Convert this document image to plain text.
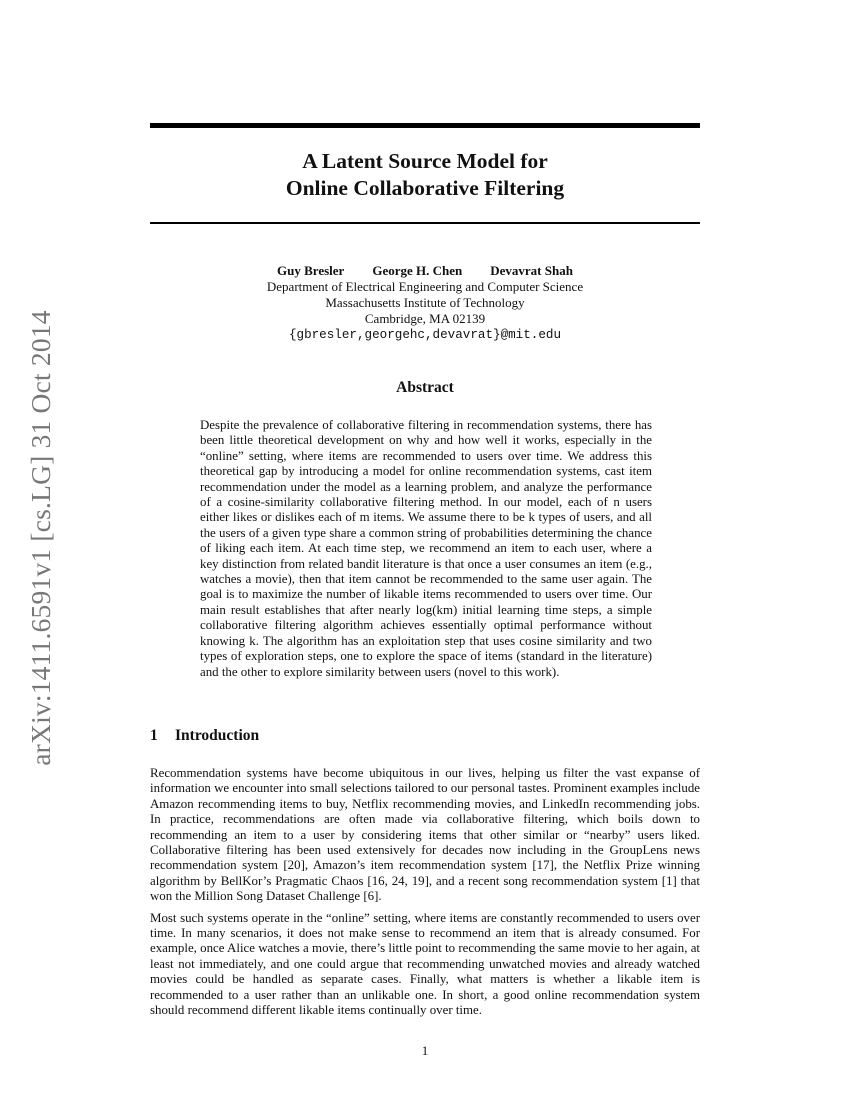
arXiv:1411.6591v1 [cs.LG] 31 Oct 2014
A Latent Source Model for
Online Collaborative Filtering
Guy Bresler George H. Chen Devavrat Shah
Department of Electrical Engineering and Computer Science
Massachusetts Institute of Technology
Cambridge, MA 02139
{gbresler,georgehc,devavrat}@mit.edu
Abstract

Despite the prevalence of collaborative filtering in recommendation systems, there has been little theoretical development on why and how well it works, especially in the “online” setting, where items are recommended to users over time. We address this theoretical gap by introducing a model for online recommendation systems, cast item recommendation under the model as a learning problem, and analyze the performance of a cosine-similarity collaborative filtering method. In our model, each of n users either likes or dislikes each of m items. We assume there to be k types of users, and all the users of a given type share a common string of probabilities determining the chance of liking each item. At each time step, we recommend an item to each user, where a key distinction from related bandit literature is that once a user consumes an item (e.g., watches a movie), then that item cannot be recommended to the same user again. The goal is to maximize the number of likable items recommended to users over time. Our main result establishes that after nearly log(km) initial learning time steps, a simple collaborative filtering algorithm achieves essentially optimal performance without knowing k. The algorithm has an exploitation step that uses cosine similarity and two types of exploration steps, one to explore the space of items (standard in the literature) and the other to explore similarity between users (novel to this work).

1 Introduction

Recommendation systems have become ubiquitous in our lives, helping us filter the vast expanse of information we encounter into small selections tailored to our personal tastes. Prominent examples include Amazon recommending items to buy, Netflix recommending movies, and LinkedIn recommending jobs. In practice, recommendations are often made via collaborative filtering, which boils down to recommending an item to a user by considering items that other similar or “nearby” users liked. Collaborative filtering has been used extensively for decades now including in the GroupLens news recommendation system [20], Amazon’s item recommendation system [17], the Netflix Prize winning algorithm by BellKor’s Pragmatic Chaos [16, 24, 19], and a recent song recommendation system [1] that won the Million Song Dataset Challenge [6].

Most such systems operate in the “online” setting, where items are constantly recommended to users over time. In many scenarios, it does not make sense to recommend an item that is already consumed. For example, once Alice watches a movie, there’s little point to recommending the same movie to her again, at least not immediately, and one could argue that recommending unwatched movies and already watched movies could be handled as separate cases. Finally, what matters is whether a likable item is recommended to a user rather than an unlikable one. In short, a good online recommendation system should recommend different likable items continually over time.

1
